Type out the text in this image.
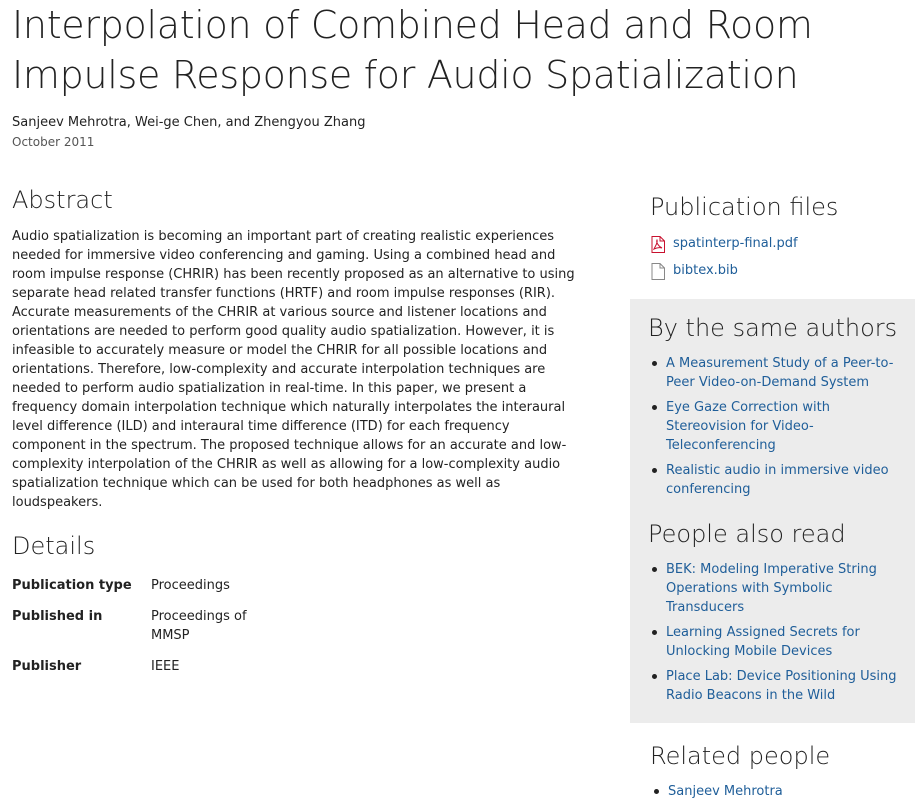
Interpolation of Combined Head and Room Impulse Response for Audio Spatialization
Sanjeev Mehrotra, Wei-ge Chen, and Zhengyou Zhang
October 2011
Abstract

Audio spatialization is becoming an important part of creating realistic experiences needed for immersive video conferencing and gaming. Using a combined head and room impulse response (CHRIR) has been recently proposed as an alternative to using separate head related transfer functions (HRTF) and room impulse responses (RIR). Accurate measurements of the CHRIR at various source and listener locations and orientations are needed to perform good quality audio spatialization. However, it is infeasible to accurately measure or model the CHRIR for all possible locations and orientations. Therefore, low-complexity and accurate interpolation techniques are needed to perform audio spatialization in real-time. In this paper, we present a frequency domain interpolation technique which naturally interpolates the interaural level difference (ILD) and interaural time difference (ITD) for each frequency component in the spectrum. The proposed technique allows for an accurate and low-complexity interpolation of the CHRIR as well as allowing for a low-complexity audio spatialization technique which can be used for both headphones as well as loudspeakers.

Details
Publication type	Proceedings
Published in	Proceedings of MMSP
Publisher	IEEE
Publication files
spatinterp-final.pdf
bibtex.bib
By the same authors
A Measurement Study of a Peer-to-Peer Video-on-Demand System
Eye Gaze Correction with Stereovision for Video-Teleconferencing
Realistic audio in immersive video conferencing
People also read
BEK: Modeling Imperative String Operations with Symbolic Transducers
Learning Assigned Secrets for Unlocking Mobile Devices
Place Lab: Device Positioning Using Radio Beacons in the Wild
Related people
Sanjeev Mehrotra
